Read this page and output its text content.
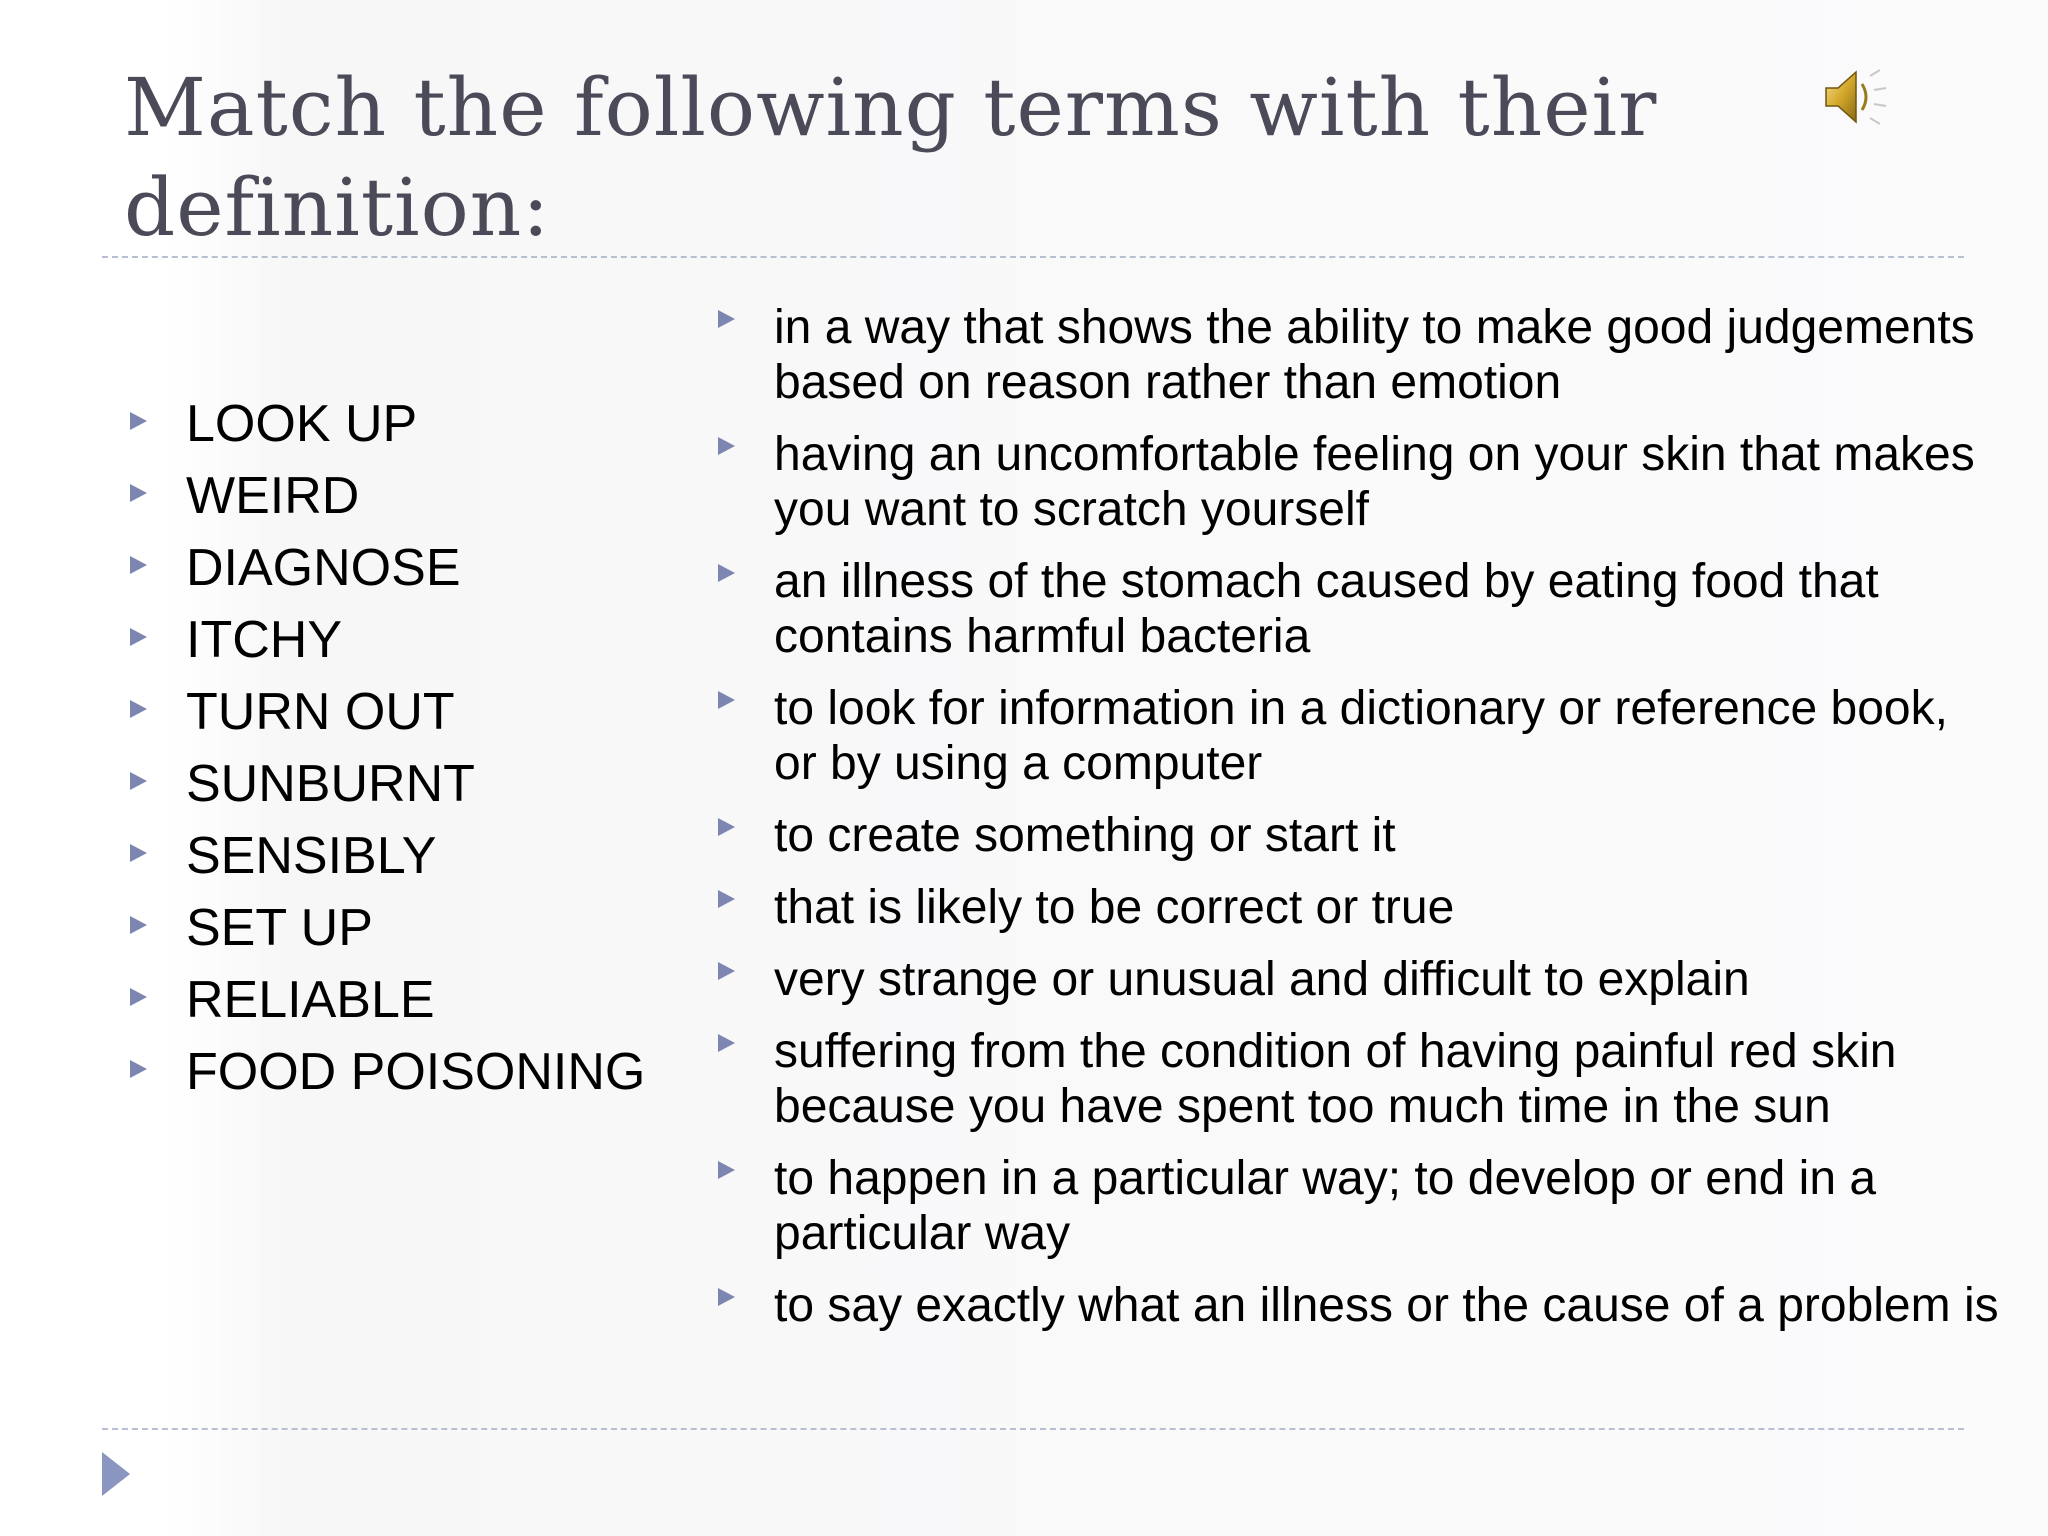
Match the following terms with their definition:
LOOK UP
WEIRD
DIAGNOSE
ITCHY
TURN OUT
SUNBURNT
SENSIBLY
SET UP
RELIABLE
FOOD POISONING
in a way that shows the ability to make good judgements based on reason rather than emotion
having an uncomfortable feeling on your skin that makes you want to scratch yourself
an illness of the stomach caused by eating food that contains harmful bacteria
to look for information in a dictionary or reference book, or by using a computer
to create something or start it
that is likely to be correct or true
very strange or unusual and difficult to explain
suffering from the condition of having painful red skin because you have spent too much time in the sun
to happen in a particular way; to develop or end in a particular way
to say exactly what an illness or the cause of a problem is
